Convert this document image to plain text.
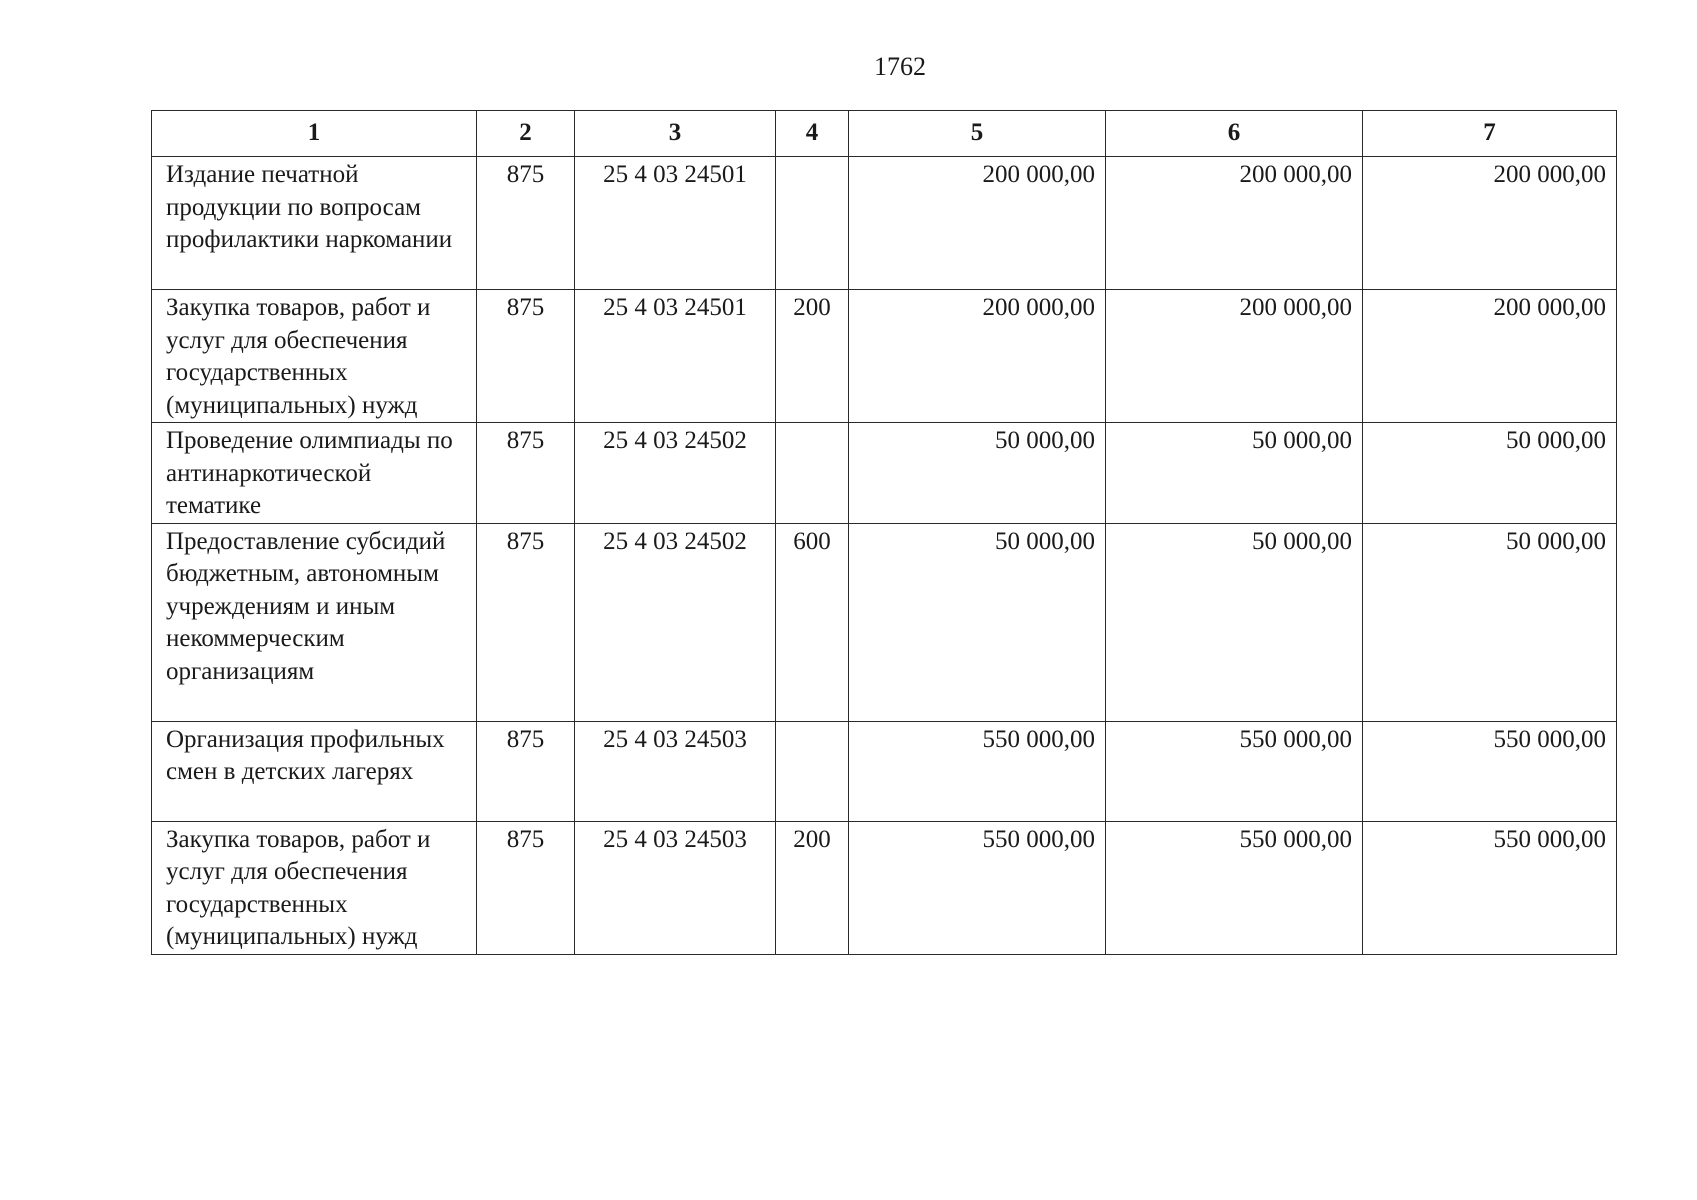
1762
1	2	3	4	5	6	7
Издание печатной продукции по вопросам профилактики наркомании	875	25 4 03 24501		200 000,00	200 000,00	200 000,00
Закупка товаров, работ и услуг для обеспечения государственных (муниципальных) нужд	875	25 4 03 24501	200	200 000,00	200 000,00	200 000,00
Проведение олимпиады по антинаркотической тематике	875	25 4 03 24502		50 000,00	50 000,00	50 000,00
Предоставление субсидий бюджетным, автономным учреждениям и иным некоммерческим организациям	875	25 4 03 24502	600	50 000,00	50 000,00	50 000,00
Организация профильных смен в детских лагерях	875	25 4 03 24503		550 000,00	550 000,00	550 000,00
Закупка товаров, работ и услуг для обеспечения государственных (муниципальных) нужд	875	25 4 03 24503	200	550 000,00	550 000,00	550 000,00
